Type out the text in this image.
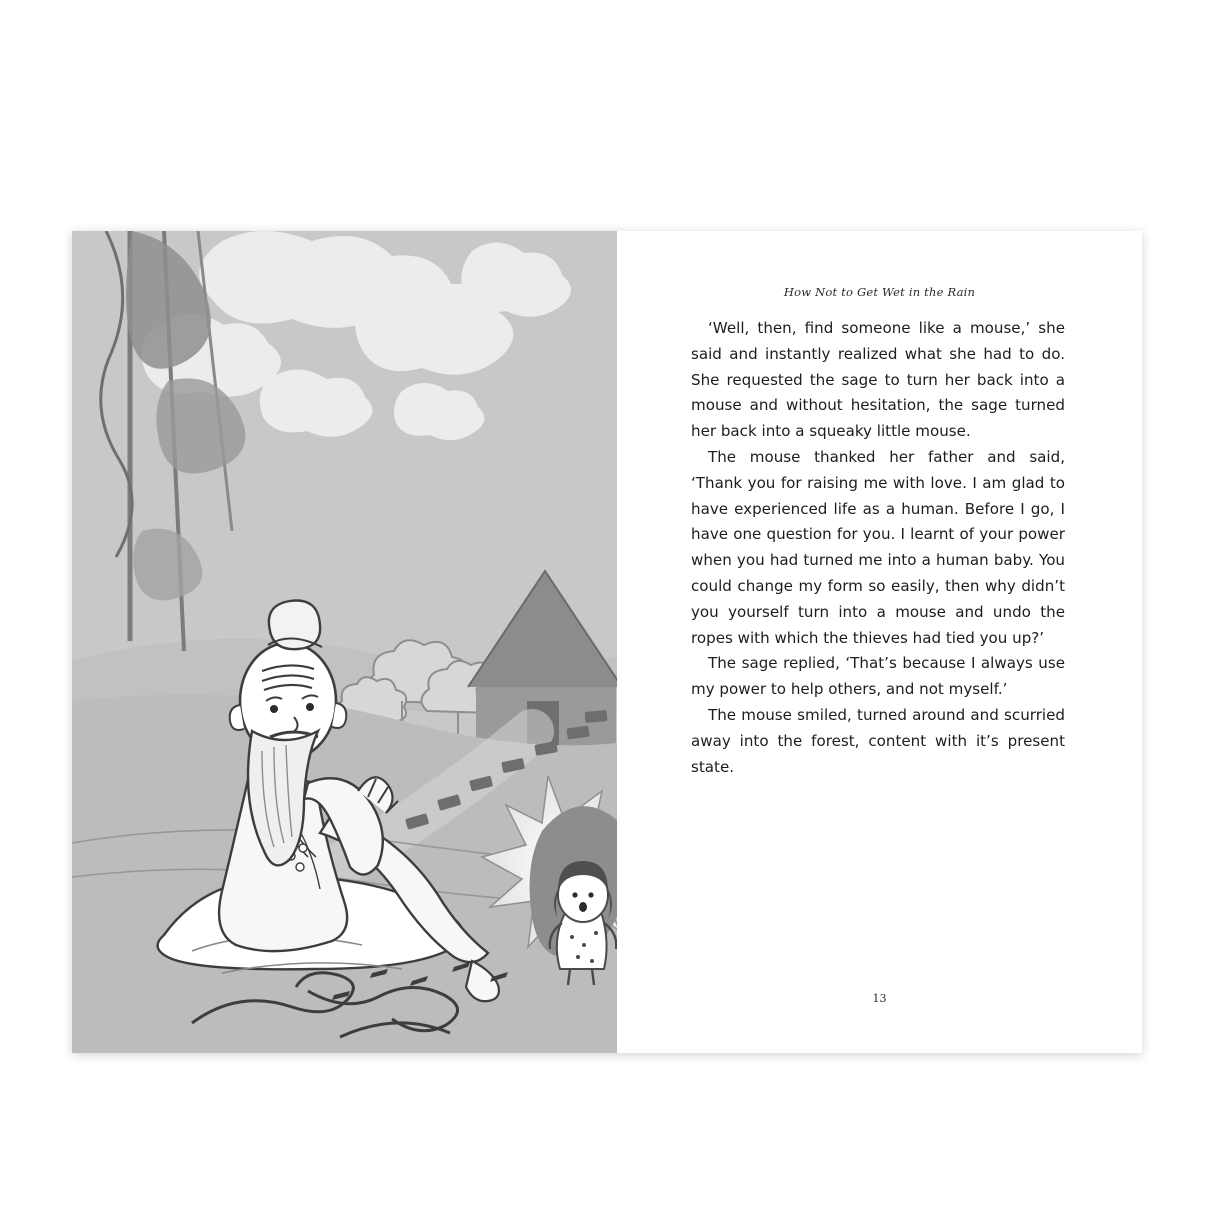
How Not to Get Wet in the Rain

‘Well, then, find someone like a mouse,’ she said and instantly realized what she had to do. She requested the sage to turn her back into a mouse and without hesitation, the sage turned her back into a squeaky little mouse.

The mouse thanked her father and said, ‘Thank you for raising me with love. I am glad to have experienced life as a human. Before I go, I have one question for you. I learnt of your power when you had turned me into a human baby. You could change my form so easily, then why didn’t you yourself turn into a mouse and undo the ropes with which the thieves had tied you up?’

The sage replied, ‘That’s because I always use my power to help others, and not myself.’

The mouse smiled, turned around and scurried away into the forest, content with it’s present state.

13
